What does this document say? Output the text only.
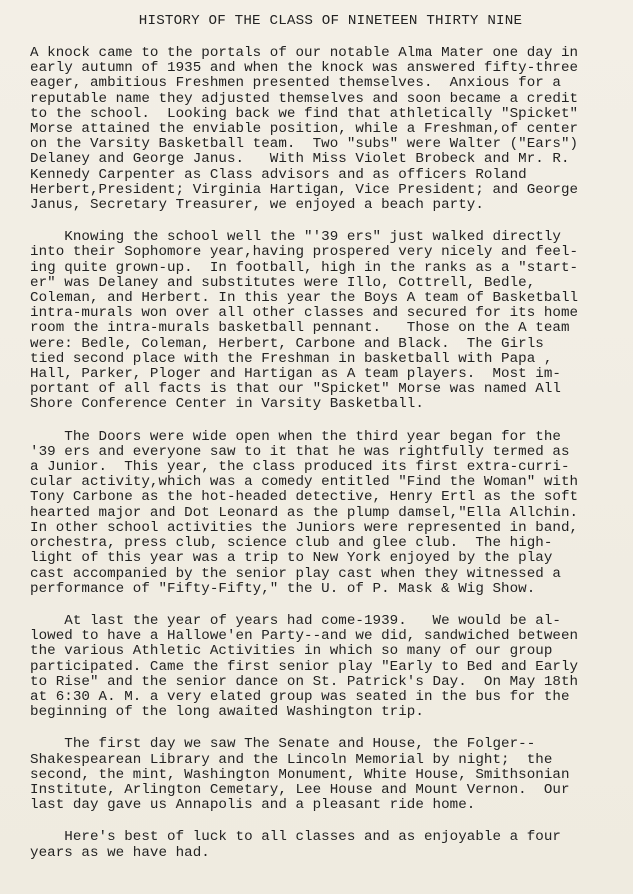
HISTORY OF THE CLASS OF NINETEEN THIRTY NINE
A knock came to the portals of our notable Alma Mater one day in
early autumn of 1935 and when the knock was answered fifty-three
eager, ambitious Freshmen presented themselves.  Anxious for a
reputable name they adjusted themselves and soon became a credit
to the school.  Looking back we find that athletically "Spicket"
Morse attained the enviable position, while a Freshman,of center
on the Varsity Basketball team.  Two "subs" were Walter ("Ears")
Delaney and George Janus.   With Miss Violet Brobeck and Mr. R.
Kennedy Carpenter as Class advisors and as officers Roland
Herbert,President; Virginia Hartigan, Vice President; and George
Janus, Secretary Treasurer, we enjoyed a beach party.
Knowing the school well the "'39 ers" just walked directly
into their Sophomore year,having prospered very nicely and feel-
ing quite grown-up.  In football, high in the ranks as a "start-
er" was Delaney and substitutes were Illo, Cottrell, Bedle,
Coleman, and Herbert. In this year the Boys A team of Basketball
intra-murals won over all other classes and secured for its home
room the intra-murals basketball pennant.   Those on the A team
were: Bedle, Coleman, Herbert, Carbone and Black.  The Girls
tied second place with the Freshman in basketball with Papa ,
Hall, Parker, Ploger and Hartigan as A team players.  Most im-
portant of all facts is that our "Spicket" Morse was named All
Shore Conference Center in Varsity Basketball.
The Doors were wide open when the third year began for the
'39 ers and everyone saw to it that he was rightfully termed as
a Junior.  This year, the class produced its first extra-curri-
cular activity,which was a comedy entitled "Find the Woman" with
Tony Carbone as the hot-headed detective, Henry Ertl as the soft
hearted major and Dot Leonard as the plump damsel,"Ella Allchin.
In other school activities the Juniors were represented in band,
orchestra, press club, science club and glee club.  The high-
light of this year was a trip to New York enjoyed by the play
cast accompanied by the senior play cast when they witnessed a
performance of "Fifty-Fifty," the U. of P. Mask & Wig Show.
At last the year of years had come-1939.   We would be al-
lowed to have a Hallowe'en Party--and we did, sandwiched between
the various Athletic Activities in which so many of our group
participated. Came the first senior play "Early to Bed and Early
to Rise" and the senior dance on St. Patrick's Day.  On May 18th
at 6:30 A. M. a very elated group was seated in the bus for the
beginning of the long awaited Washington trip.
The first day we saw The Senate and House, the Folger--
Shakespearean Library and the Lincoln Memorial by night;  the
second, the mint, Washington Monument, White House, Smithsonian
Institute, Arlington Cemetary, Lee House and Mount Vernon.  Our
last day gave us Annapolis and a pleasant ride home.
Here's best of luck to all classes and as enjoyable a four
years as we have had.
